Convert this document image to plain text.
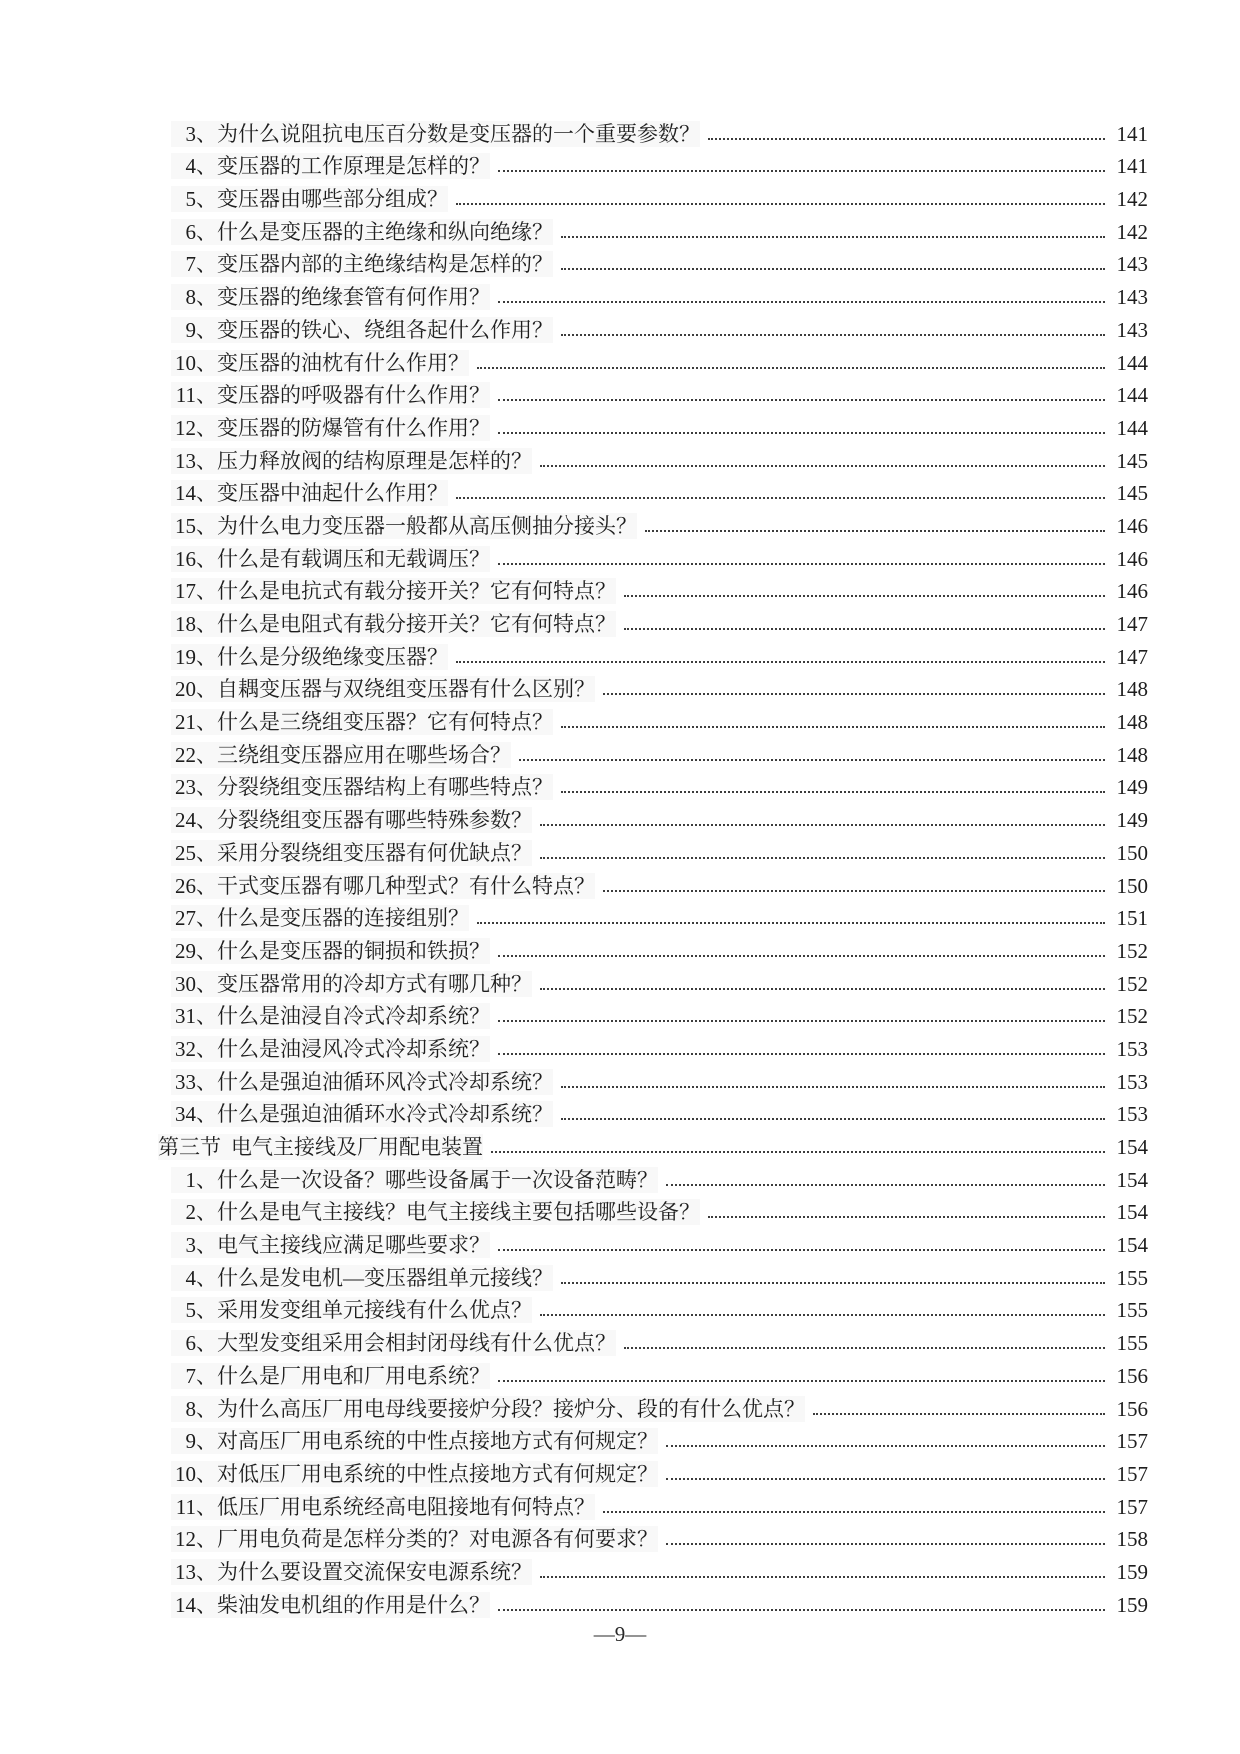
3、 为什么说阻抗电压百分数是变压器的一个重要参数？	141
4、 变压器的工作原理是怎样的？	141
5、 变压器由哪些部分组成？	142
6、 什么是变压器的主绝缘和纵向绝缘？	142
7、 变压器内部的主绝缘结构是怎样的？	143
8、 变压器的绝缘套管有何作用？	143
9、 变压器的铁心、绕组各起什么作用？	143
10、 变压器的油枕有什么作用？	144
11、 变压器的呼吸器有什么作用？	144
12、 变压器的防爆管有什么作用？	144
13、 压力释放阀的结构原理是怎样的？	145
14、 变压器中油起什么作用？	145
15、 为什么电力变压器一般都从高压侧抽分接头？	146
16、 什么是有载调压和无载调压？	146
17、 什么是电抗式有载分接开关？它有何特点？	146
18、 什么是电阻式有载分接开关？它有何特点？	147
19、 什么是分级绝缘变压器？	147
20、 自耦变压器与双绕组变压器有什么区别？	148
21、 什么是三绕组变压器？它有何特点？	148
22、 三绕组变压器应用在哪些场合？	148
23、 分裂绕组变压器结构上有哪些特点？	149
24、 分裂绕组变压器有哪些特殊参数？	149
25、 采用分裂绕组变压器有何优缺点？	150
26、 干式变压器有哪几种型式？有什么特点？	150
27、 什么是变压器的连接组别？	151
29、 什么是变压器的铜损和铁损？	152
30、 变压器常用的冷却方式有哪几种？	152
31、 什么是油浸自冷式冷却系统？	152
32、 什么是油浸风冷式冷却系统？	153
33、 什么是强迫油循环风冷式冷却系统？	153
34、 什么是强迫油循环水冷式冷却系统？	153
第三节 电气主接线及厂用配电装置	154
1、 什么是一次设备？哪些设备属于一次设备范畴？	154
2、 什么是电气主接线？电气主接线主要包括哪些设备？	154
3、 电气主接线应满足哪些要求？	154
4、 什么是发电机—变压器组单元接线？	155
5、 采用发变组单元接线有什么优点？	155
6、 大型发变组采用会相封闭母线有什么优点？	155
7、 什么是厂用电和厂用电系统？	156
8、 为什么高压厂用电母线要接炉分段？接炉分、段的有什么优点？	156
9、 对高压厂用电系统的中性点接地方式有何规定？	157
10、 对低压厂用电系统的中性点接地方式有何规定？	157
11、 低压厂用电系统经高电阻接地有何特点？	157
12、 厂用电负荷是怎样分类的？对电源各有何要求？	158
13、 为什么要设置交流保安电源系统？	159
14、 柴油发电机组的作用是什么？	159
—9—
